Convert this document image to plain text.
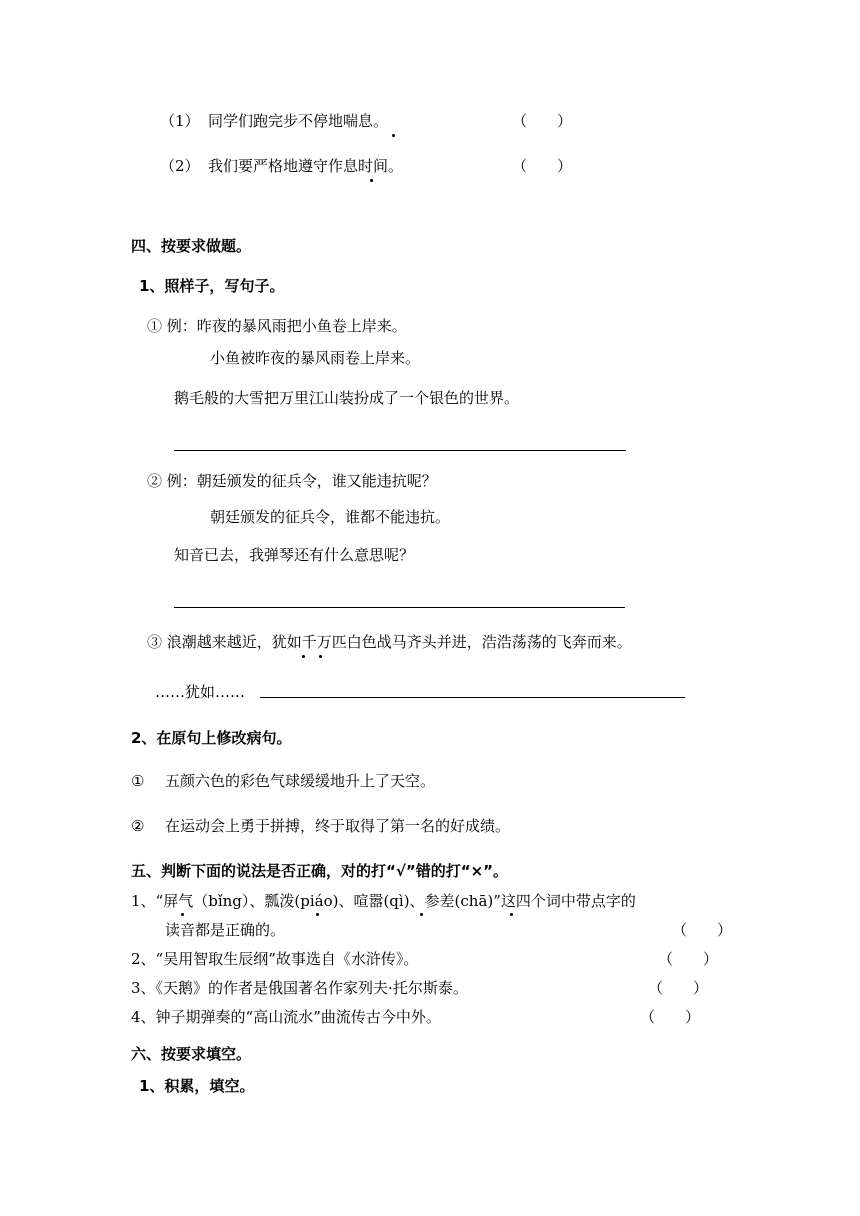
（1） 同学们跑完步不停地喘息。	（　　）
（2） 我们要严格地遵守作息时间。	（　　）
四、按要求做题。
1、照样子，写句子。
① 例：昨夜的暴风雨把小鱼卷上岸来。
小鱼被昨夜的暴风雨卷上岸来。
鹅毛般的大雪把万里江山装扮成了一个银色的世界。
② 例：朝廷颁发的征兵令，谁又能违抗呢？
朝廷颁发的征兵令，谁都不能违抗。
知音已去，我弹琴还有什么意思呢？
③ 浪潮越来越近，犹如千万匹白色战马齐头并进，浩浩荡荡的飞奔而来。
……犹如……
2、在原句上修改病句。
① 五颜六色的彩色气球缓缓地升上了天空。
② 在运动会上勇于拼搏，终于取得了第一名的好成绩。
五、判断下面的说法是否正确，对的打“√”错的打“×”。
1、“屏气（bǐng）、瓢泼(piáo)、喧嚣(qì)、参差(chā)”这四个词中带点字的
读音都是正确的。	（　　）
2、“吴用智取生辰纲”故事选自《水浒传》。	（　　）
3、《天鹅》的作者是俄国著名作家列夫·托尔斯泰。	（　　）
4、钟子期弹奏的“高山流水”曲流传古今中外。	（　　）
六、按要求填空。
1、积累，填空。
